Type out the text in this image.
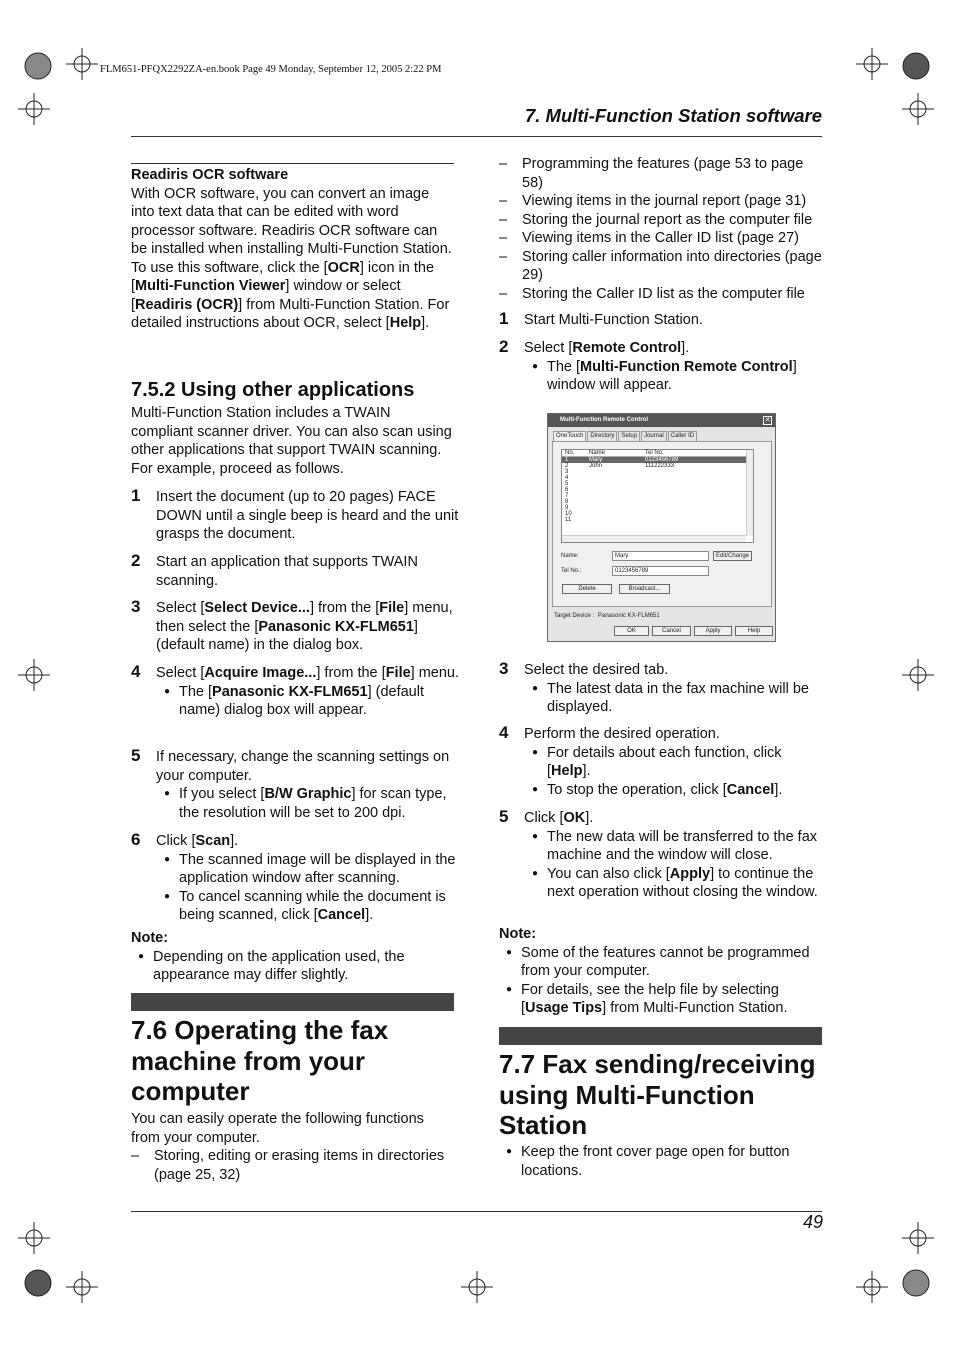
FLM651-PFQX2292ZA-en.book Page 49 Monday, September 12, 2005 2:22 PM
7. Multi-Function Station software
Readiris OCR software
With OCR software, you can convert an image into text data that can be edited with word processor software. Readiris OCR software can be installed when installing Multi-Function Station.
To use this software, click the [OCR] icon in the [Multi-Function Viewer] window or select [Readiris (OCR)] from Multi-Function Station. For detailed instructions about OCR, select [Help].
7.5.2 Using other applications
Multi-Function Station includes a TWAIN compliant scanner driver. You can also scan using other applications that support TWAIN scanning. For example, proceed as follows.
1 Insert the document (up to 20 pages) FACE DOWN until a single beep is heard and the unit grasps the document.
2 Start an application that supports TWAIN scanning.
3 Select [Select Device...] from the [File] menu, then select the [Panasonic KX-FLM651] (default name) in the dialog box.
4 Select [Acquire Image...] from the [File] menu.
● The [Panasonic KX-FLM651] (default name) dialog box will appear.
5 If necessary, change the scanning settings on your computer.
● If you select [B/W Graphic] for scan type, the resolution will be set to 200 dpi.
6 Click [Scan].
● The scanned image will be displayed in the application window after scanning.
● To cancel scanning while the document is being scanned, click [Cancel].
Note:
● Depending on the application used, the appearance may differ slightly.
7.6 Operating the fax machine from your computer
You can easily operate the following functions from your computer.
– Storing, editing or erasing items in directories (page 25, 32)
– Programming the features (page 53 to page 58)
– Viewing items in the journal report (page 31)
– Storing the journal report as the computer file
– Viewing items in the Caller ID list (page 27)
– Storing caller information into directories (page 29)
– Storing the Caller ID list as the computer file
1 Start Multi-Function Station.
2 Select [Remote Control].
● The [Multi-Function Remote Control] window will appear.
Multi-Function Remote Control	✕
OneTouch	Directory	Setup	Journal	Caller ID
No.	Name	Tel No.
1	Mary	0123456789
2	John	111222333
3
4
5
6
7
8
9
10
11
Name:	Mary	Edit/Change
Tel No.:	0123456789
Delete	Broadcast...
Target Device : Panasonic KX-FLM651
OK	Cancel	Apply	Help
3 Select the desired tab.
● The latest data in the fax machine will be displayed.
4 Perform the desired operation.
● For details about each function, click [Help].
● To stop the operation, click [Cancel].
5 Click [OK].
● The new data will be transferred to the fax machine and the window will close.
● You can also click [Apply] to continue the next operation without closing the window.
Note:
● Some of the features cannot be programmed from your computer.
● For details, see the help file by selecting [Usage Tips] from Multi-Function Station.
7.7 Fax sending/receiving using Multi-Function Station
● Keep the front cover page open for button locations.
49
